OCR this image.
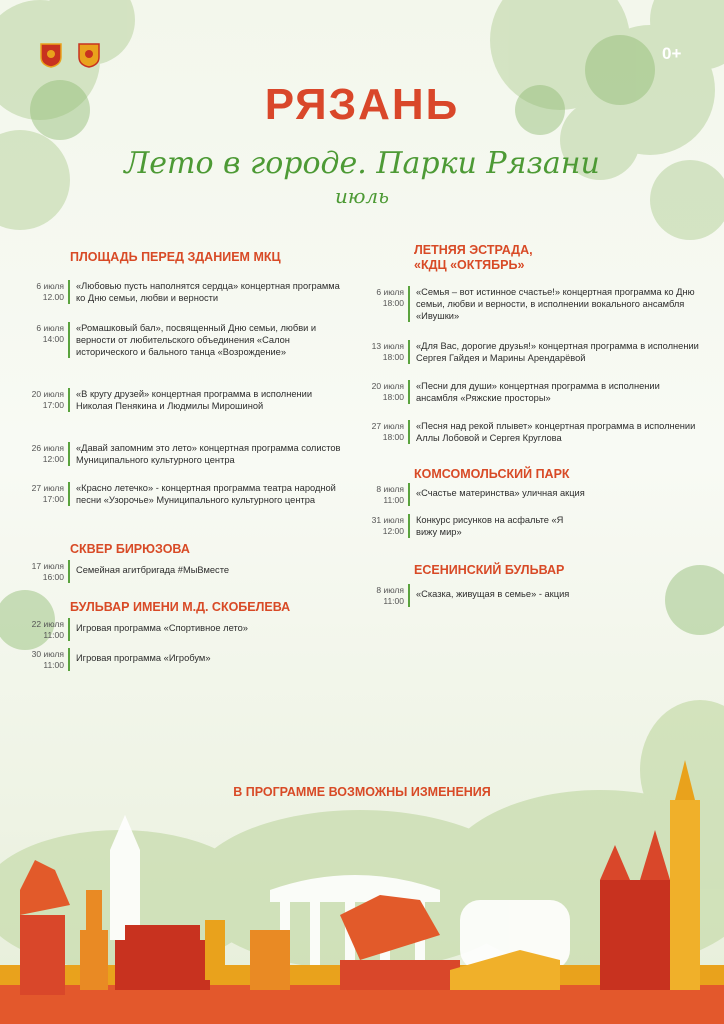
0+
РЯЗАНЬ
Лето в городе. Парки Рязани
июль
ПЛОЩАДЬ ПЕРЕД ЗДАНИЕМ МКЦ
6 июля
12.00
«Любовью пусть наполнятся сердца» концертная программа ко Дню семьи, любви и верности
6 июля
14:00
«Ромашковый бал», посвященный Дню семьи, любви и верности от любительского объединения «Салон исторического и бального танца «Возрождение»
20 июля
17:00
«В кругу друзей» концертная программа в исполнении Николая Пенякина и Людмилы Мирошиной
26 июля
12:00
«Давай запомним это лето» концертная программа солистов Муниципального культурного центра
27 июля
17:00
«Красно летечко» - концертная программа театра народной песни «Узорочье» Муниципального культурного центра
СКВЕР БИРЮЗОВА
17 июля
16:00
Семейная агитбригада #МыВместе
БУЛЬВАР ИМЕНИ М.Д. СКОБЕЛЕВА
22 июля
11:00
Игровая программа «Спортивное лето»
30 июля
11:00
Игровая программа «Игробум»
ЛЕТНЯЯ ЭСТРАДА,
«КДЦ «ОКТЯБРЬ»
6 июля
18:00
«Семья – вот истинное счастье!» концертная программа ко Дню семьи, любви и верности, в исполнении вокального ансамбля «Ивушки»
13 июля
18:00
«Для Вас, дорогие друзья!» концертная программа в исполнении Сергея Гайдея и Марины Арендарёвой
20 июля
18:00
«Песни для души» концертная программа в исполнении ансамбля «Ряжские просторы»
27 июля
18:00
«Песня над рекой плывет» концертная программа в исполнении Аллы Лобовой и Сергея Круглова
КОМСОМОЛЬСКИЙ ПАРК
8 июля
11:00
«Счастье материнства» уличная акция
31 июля
12:00
Конкурс рисунков на асфальте «Я вижу мир»
ЕСЕНИНСКИЙ БУЛЬВАР
8 июля
11:00
«Сказка, живущая в семье» - акция
В ПРОГРАММЕ ВОЗМОЖНЫ ИЗМЕНЕНИЯ
